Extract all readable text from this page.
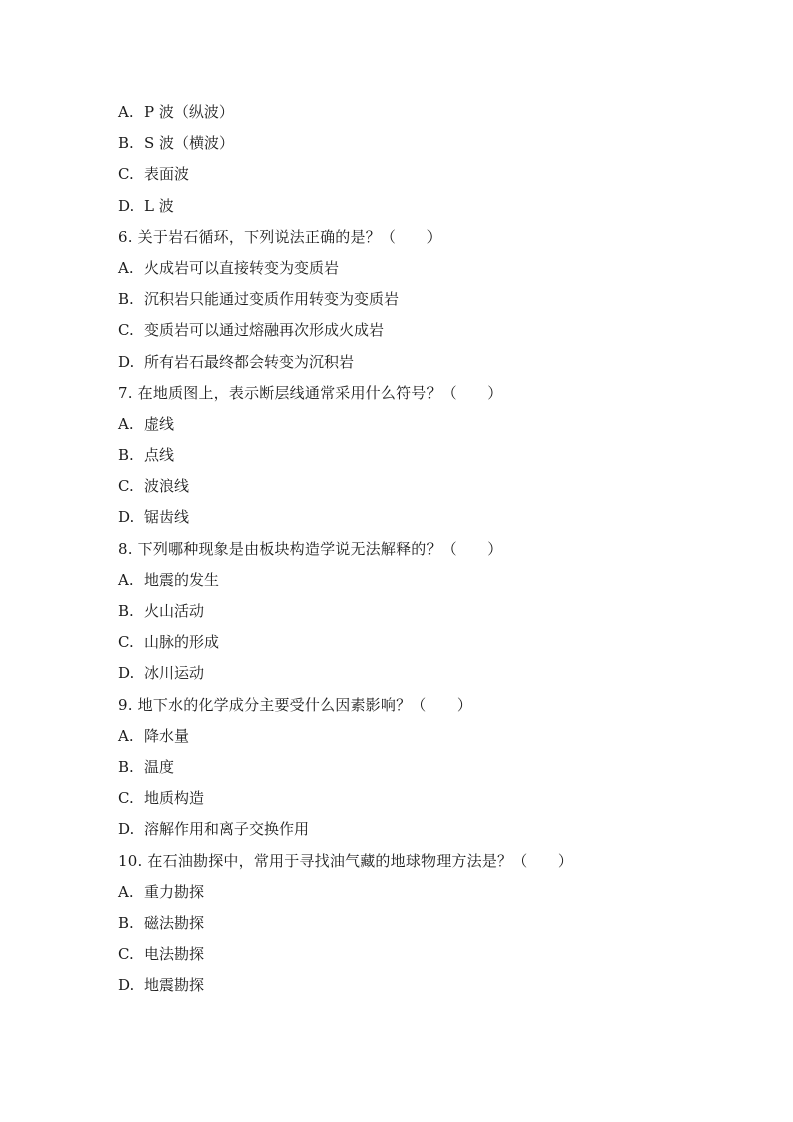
A. P 波（纵波）
B. S 波（横波）
C. 表面波
D. L 波
6. 关于岩石循环，下列说法正确的是？（　　）
A. 火成岩可以直接转变为变质岩
B. 沉积岩只能通过变质作用转变为变质岩
C. 变质岩可以通过熔融再次形成火成岩
D. 所有岩石最终都会转变为沉积岩
7. 在地质图上，表示断层线通常采用什么符号？（　　）
A. 虚线
B. 点线
C. 波浪线
D. 锯齿线
8. 下列哪种现象是由板块构造学说无法解释的？（　　）
A. 地震的发生
B. 火山活动
C. 山脉的形成
D. 冰川运动
9. 地下水的化学成分主要受什么因素影响？（　　）
A. 降水量
B. 温度
C. 地质构造
D. 溶解作用和离子交换作用
10. 在石油勘探中，常用于寻找油气藏的地球物理方法是？（　　）
A. 重力勘探
B. 磁法勘探
C. 电法勘探
D. 地震勘探
